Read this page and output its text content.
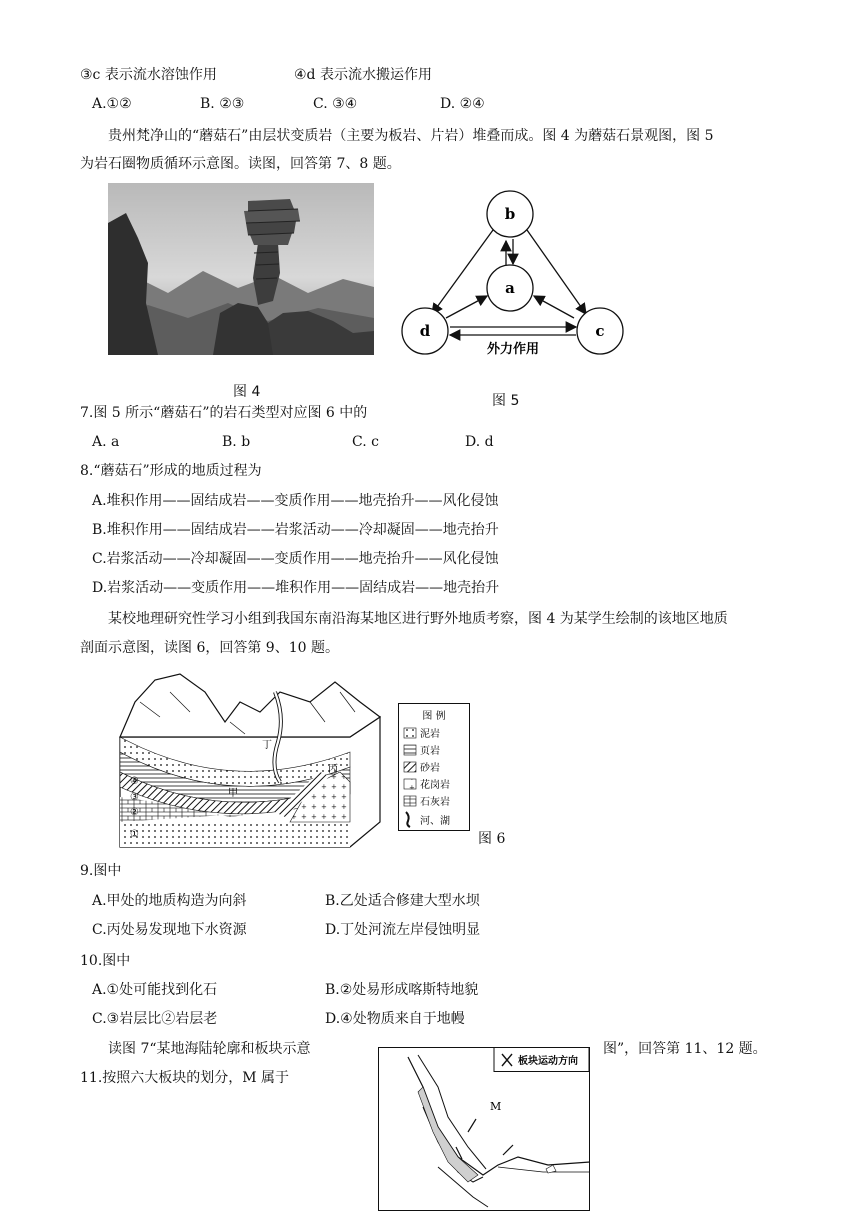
③c 表示流水溶蚀作用	④d 表示流水搬运作用
A.①②	B. ②③	C. ③④	D. ②④
贵州梵净山的“蘑菇石”由层状变质岩（主要为板岩、片岩）堆叠而成。图 4 为蘑菇石景观图，图 5
为岩石圈物质循环示意图。读图，回答第 7、8 题。
图 4
b
a
d	c
外力作用
图 5
7.图 5 所示“蘑菇石”的岩石类型对应图 6 中的
A. a	B. b	C. c	D. d
8.“蘑菇石”形成的地质过程为
A.堆积作用——固结成岩——变质作用——地壳抬升——风化侵蚀
B.堆积作用——固结成岩——岩浆活动——冷却凝固——地壳抬升
C.岩浆活动——冷却凝固——变质作用——地壳抬升——风化侵蚀
D.岩浆活动——变质作用——堆积作用——固结成岩——地壳抬升
某校地理研究性学习小组到我国东南沿海某地区进行野外地质考察，图 4 为某学生绘制的该地区地质
剖面示意图，读图 6，回答第 9、10 题。
甲
丙
丁
④
③
②
①
图 例
泥岩
页岩
砂岩
花岗岩
石灰岩
河、湖
图 6
9.图中
A.甲处的地质构造为向斜	B.乙处适合修建大型水坝
C.丙处易发现地下水资源	D.丁处河流左岸侵蚀明显
10.图中
A.①处可能找到化石	B.②处易形成喀斯特地貌
C.③岩层比②岩层老	D.④处物质来自于地幔
读图 7“某地海陆轮廓和板块示意	图”，回答第 11、12 题。
11.按照六大板块的划分，M 属于
板块运动方向
M
